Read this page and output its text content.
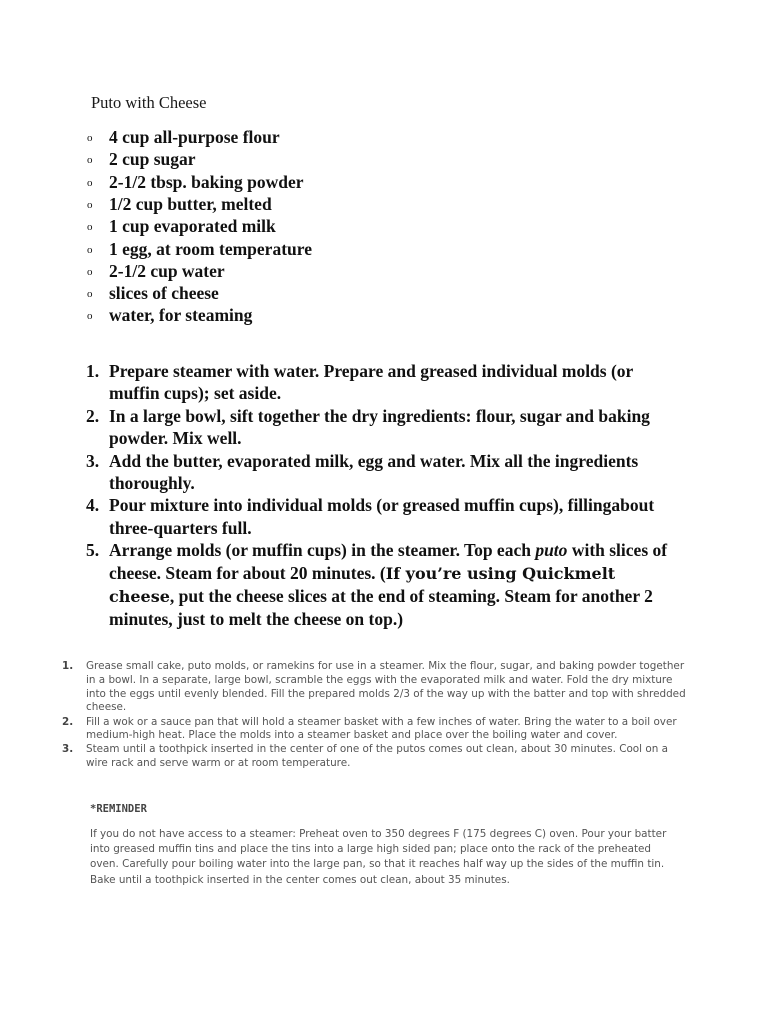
Puto with Cheese
o 4 cup all-purpose flour
o 2 cup sugar
o 2-1/2 tbsp. baking powder
o 1/2 cup butter, melted
o 1 cup evaporated milk
o 1 egg, at room temperature
o 2-1/2 cup water
o slices of cheese
o water, for steaming
1. Prepare steamer with water. Prepare and greased individual molds (or muffin cups); set aside.
2. In a large bowl, sift together the dry ingredients: flour, sugar and baking powder. Mix well.
3. Add the butter, evaporated milk, egg and water. Mix all the ingredients thoroughly.
4. Pour mixture into individual molds (or greased muffin cups), fillingabout three-quarters full.
5. Arrange molds (or muffin cups) in the steamer. Top each puto with slices of cheese. Steam for about 20 minutes. (If you’re using Quickmelt cheese, put the cheese slices at the end of steaming. Steam for another 2 minutes, just to melt the cheese on top.)
1. Grease small cake, puto molds, or ramekins for use in a steamer. Mix the flour, sugar, and baking powder together in a bowl. In a separate, large bowl, scramble the eggs with the evaporated milk and water. Fold the dry mixture into the eggs until evenly blended. Fill the prepared molds 2/3 of the way up with the batter and top with shredded cheese.
2. Fill a wok or a sauce pan that will hold a steamer basket with a few inches of water. Bring the water to a boil over medium-high heat. Place the molds into a steamer basket and place over the boiling water and cover.
3. Steam until a toothpick inserted in the center of one of the putos comes out clean, about 30 minutes. Cool on a wire rack and serve warm or at room temperature.

*REMINDER

If you do not have access to a steamer: Preheat oven to 350 degrees F (175 degrees C) oven. Pour your batter into greased muffin tins and place the tins into a large high sided pan; place onto the rack of the preheated oven. Carefully pour boiling water into the large pan, so that it reaches half way up the sides of the muffin tin. Bake until a toothpick inserted in the center comes out clean, about 35 minutes.
